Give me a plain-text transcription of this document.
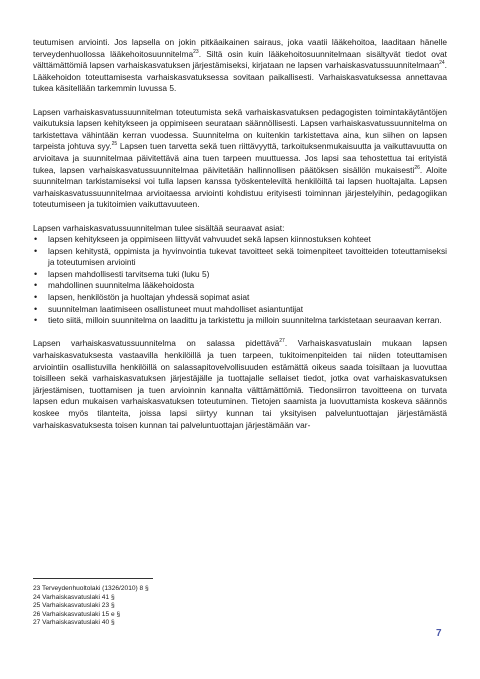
teutumisen arviointi. Jos lapsella on jokin pitkäaikainen sairaus, joka vaatii lääkehoitoa, laaditaan hänelle terveydenhuollossa lääkehoitosuunnitelma$^{23}$. Siltä osin kuin lääkehoitosuunnitelmaan sisältyvät tiedot ovat välttämättömiä lapsen varhaiskasvatuksen järjestämiseksi, kirjataan ne lapsen varhaiskasvatussuunnitelmaan$^{24}$. Lääkehoidon toteuttamisesta varhaiskasvatuksessa sovitaan paikallisesti. Varhaiskasvatuksessa annettavaa tukea käsitellään tarkemmin luvussa 5.

Lapsen varhaiskasvatussuunnitelman toteutumista sekä varhaiskasvatuksen pedagogisten toimintakäytäntöjen vaikutuksia lapsen kehitykseen ja oppimiseen seurataan säännöllisesti. Lapsen varhaiskasvatussuunnitelma on tarkistettava vähintään kerran vuodessa. Suunnitelma on kuitenkin tarkistettava aina, kun siihen on lapsen tarpeista johtuva syy.$^{25}$ Lapsen tuen tarvetta sekä tuen riittävyyttä, tarkoituksenmukaisuutta ja vaikuttavuutta on arvioitava ja suunnitelmaa päivitettävä aina tuen tarpeen muuttuessa. Jos lapsi saa tehostettua tai erityistä tukea, lapsen varhaiskasvatussuunnitelmaa päivitetään hallinnollisen päätöksen sisällön mukaisesti$^{26}$. Aloite suunnitelman tarkistamiseksi voi tulla lapsen kanssa työskenteleviltä henkilöiltä tai lapsen huoltajalta. Lapsen varhaiskasvatussuunnitelmaa arvioitaessa arviointi kohdistuu erityisesti toiminnan järjestelyihin, pedagogiikan toteutumiseen ja tukitoimien vaikuttavuuteen.

Lapsen varhaiskasvatussuunnitelman tulee sisältää seuraavat asiat:

• lapsen kehitykseen ja oppimiseen liittyvät vahvuudet sekä lapsen kiinnostuksen kohteet
• lapsen kehitystä, oppimista ja hyvinvointia tukevat tavoitteet sekä toimenpiteet tavoitteiden toteuttamiseksi ja toteutumisen arviointi
• lapsen mahdollisesti tarvitsema tuki (luku 5)
• mahdollinen suunnitelma lääkehoidosta
• lapsen, henkilöstön ja huoltajan yhdessä sopimat asiat
• suunnitelman laatimiseen osallistuneet muut mahdolliset asiantuntijat
• tieto siitä, milloin suunnitelma on laadittu ja tarkistettu ja milloin suunnitelma tarkistetaan seuraavan kerran.

Lapsen varhaiskasvatussuunnitelma on salassa pidettävä$^{27}$. Varhaiskasvatuslain mukaan lapsen varhaiskasvatuksesta vastaavilla henkilöillä ja tuen tarpeen, tukitoimenpiteiden tai niiden toteuttamisen arviointiin osallistuvilla henkilöillä on salassapitovelvollisuuden estämättä oikeus saada toisiltaan ja luovuttaa toisilleen sekä varhaiskasvatuksen järjestäjälle ja tuottajalle sellaiset tiedot, jotka ovat varhaiskasvatuksen järjestämisen, tuottamisen ja tuen arvioinnin kannalta välttämättömiä. Tiedonsiirron tavoitteena on turvata lapsen edun mukaisen varhaiskasvatuksen toteutuminen. Tietojen saamista ja luovuttamista koskeva säännös koskee myös tilanteita, joissa lapsi siirtyy kunnan tai yksityisen palveluntuottajan järjestämästä varhaiskasvatuksesta toisen kunnan tai palveluntuottajan järjestämään var-

23 Terveydenhuoltolaki (1326/2010) 8 §
24 Varhaiskasvatuslaki 41 §
25 Varhaiskasvatuslaki 23 §
26 Varhaiskasvatuslaki 15 e §
27 Varhaiskasvatuslaki 40 §
7
